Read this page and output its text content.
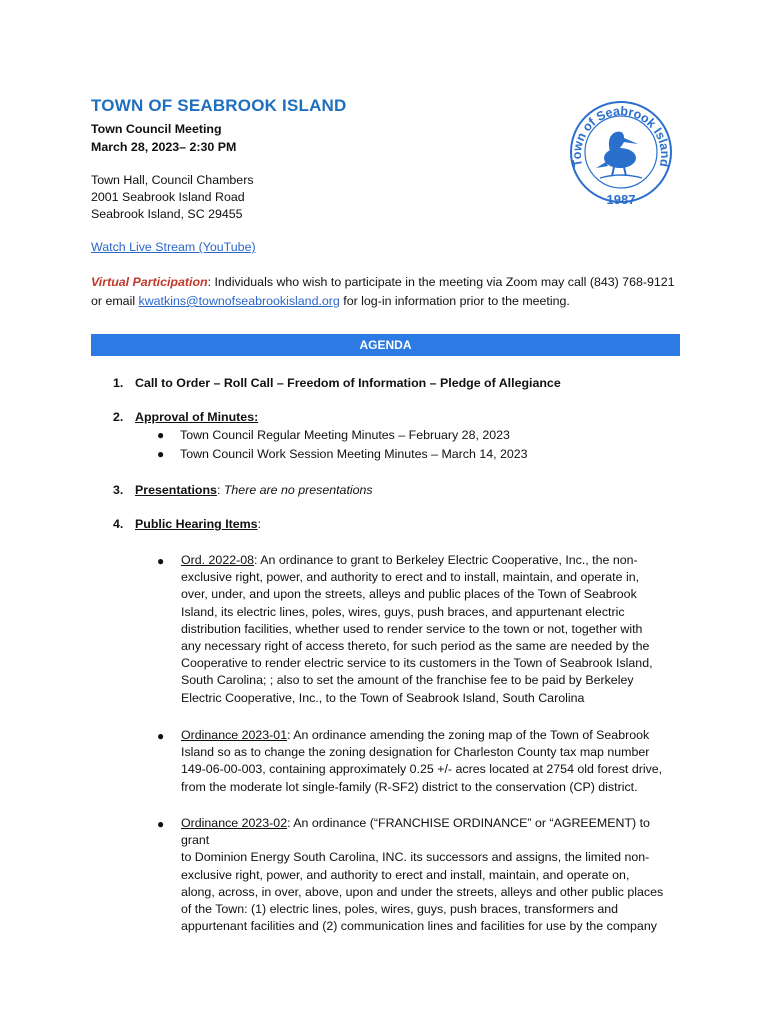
TOWN OF SEABROOK ISLAND
Town Council Meeting
March 28, 2023– 2:30 PM
Town Hall, Council Chambers
2001 Seabrook Island Road
Seabrook Island, SC 29455
Watch Live Stream (YouTube)
Virtual Participation: Individuals who wish to participate in the meeting via Zoom may call (843) 768-9121 or email kwatkins@townofseabrookisland.org for log-in information prior to the meeting.
Town of Seabrook Island
1987
AGENDA
1. Call to Order – Roll Call – Freedom of Information – Pledge of Allegiance
2. Approval of Minutes:
● Town Council Regular Meeting Minutes – February 28, 2023
● Town Council Work Session Meeting Minutes – March 14, 2023
3. Presentations: There are no presentations
4. Public Hearing Items:
● Ord. 2022-08: An ordinance to grant to Berkeley Electric Cooperative, Inc., the non-
exclusive right, power, and authority to erect and to install, maintain, and operate in,
over, under, and upon the streets, alleys and public places of the Town of Seabrook
Island, its electric lines, poles, wires, guys, push braces, and appurtenant electric
distribution facilities, whether used to render service to the town or not, together with
any necessary right of access thereto, for such period as the same are needed by the
Cooperative to render electric service to its customers in the Town of Seabrook Island,
South Carolina; ; also to set the amount of the franchise fee to be paid by Berkeley
Electric Cooperative, Inc., to the Town of Seabrook Island, South Carolina
● Ordinance 2023-01: An ordinance amending the zoning map of the Town of Seabrook
Island so as to change the zoning designation for Charleston County tax map number
149-06-00-003, containing approximately 0.25 +/- acres located at 2754 old forest drive,
from the moderate lot single-family (R-SF2) district to the conservation (CP) district.
● Ordinance 2023-02: An ordinance (“FRANCHISE ORDINANCE” or “AGREEMENT) to grant
to Dominion Energy South Carolina, INC. its successors and assigns, the limited non-
exclusive right, power, and authority to erect and install, maintain, and operate on,
along, across, in over, above, upon and under the streets, alleys and other public places
of the Town: (1) electric lines, poles, wires, guys, push braces, transformers and
appurtenant facilities and (2) communication lines and facilities for use by the company
